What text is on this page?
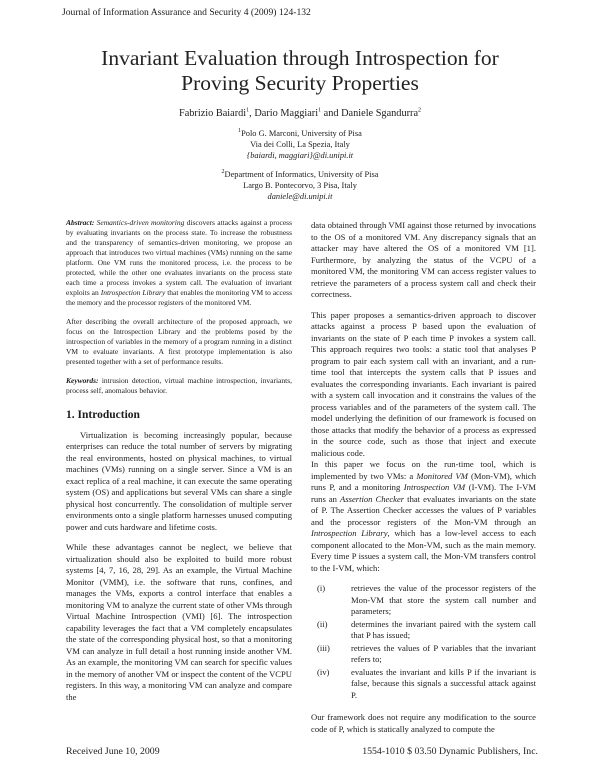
Journal of Information Assurance and Security 4 (2009) 124-132
Invariant Evaluation through Introspection for
Proving Security Properties
Fabrizio Baiardi$^1$, Dario Maggiari$^1$ and Daniele Sgandurra$^2$
$^1$Polo G. Marconi, University of Pisa
Via dei Colli, La Spezia, Italy
{baiardi, maggiari}@di.unipi.it
$^2$Department of Informatics, University of Pisa
Largo B. Pontecorvo, 3 Pisa, Italy
daniele@di.unipi.it

Abstract: Semantics-driven monitoring discovers attacks against a process by evaluating invariants on the process state. To increase the robustness and the transparency of semantics-driven monitoring, we propose an approach that introduces two virtual machines (VMs) running on the same platform. One VM runs the monitored process, i.e. the process to be protected, while the other one evaluates invariants on the process state each time a process invokes a system call. The evaluation of invariant exploits an Introspection Library that enables the monitoring VM to access the memory and the processor registers of the monitored VM.

After describing the overall architecture of the proposed approach, we focus on the Introspection Library and the problems posed by the introspection of variables in the memory of a program running in a distinct VM to evaluate invariants. A first prototype implementation is also presented together with a set of performance results.

Keywords: intrusion detection, virtual machine introspection, invariants, process self, anomalous behavior.

1. Introduction

Virtualization is becoming increasingly popular, because enterprises can reduce the total number of servers by migrating the real environments, hosted on physical machines, to virtual machines (VMs) running on a single server. Since a VM is an exact replica of a real machine, it can execute the same operating system (OS) and applications but several VMs can share a single physical host concurrently. The consolidation of multiple server environments onto a single platform harnesses unused computing power and cuts hardware and lifetime costs.

While these advantages cannot be neglect, we believe that virtualization should also be exploited to build more robust systems [4, 7, 16, 28, 29]. As an example, the Virtual Machine Monitor (VMM), i.e. the software that runs, confines, and manages the VMs, exports a control interface that enables a monitoring VM to analyze the current state of other VMs through Virtual Machine Introspection (VMI) [6]. The introspection capability leverages the fact that a VM completely encapsulates the state of the corresponding physical host, so that a monitoring VM can analyze in full detail a host running inside another VM. As an example, the monitoring VM can search for specific values in the memory of another VM or inspect the content of the VCPU registers. In this way, a monitoring VM can analyze and compare the

data obtained through VMI against those returned by invocations to the OS of a monitored VM. Any discrepancy signals that an attacker may have altered the OS of a monitored VM [1]. Furthermore, by analyzing the status of the VCPU of a monitored VM, the monitoring VM can access register values to retrieve the parameters of a process system call and check their correctness.

This paper proposes a semantics-driven approach to discover attacks against a process P based upon the evaluation of invariants on the state of P each time P invokes a system call. This approach requires two tools: a static tool that analyses P program to pair each system call with an invariant, and a run-time tool that intercepts the system calls that P issues and evaluates the corresponding invariants. Each invariant is paired with a system call invocation and it constrains the values of the process variables and of the parameters of the system call. The model underlying the definition of our framework is focused on those attacks that modify the behavior of a process as expressed in the source code, such as those that inject and execute malicious code.

In this paper we focus on the run-time tool, which is implemented by two VMs: a Monitored VM (Mon-VM), which runs P, and a monitoring Introspection VM (I-VM). The I-VM runs an Assertion Checker that evaluates invariants on the state of P. The Assertion Checker accesses the values of P variables and the processor registers of the Mon-VM through an Introspection Library, which has a low-level access to each component allocated to the Mon-VM, such as the main memory. Every time P issues a system call, the Mon-VM transfers control to the I-VM, which:

(i)	retrieves the value of the processor registers of the Mon-VM that store the system call number and parameters;
(ii)	determines the invariant paired with the system call that P has issued;
(iii)	retrieves the values of P variables that the invariant refers to;
(iv)	evaluates the invariant and kills P if the invariant is false, because this signals a successful attack against P.

Our framework does not require any modification to the source code of P, which is statically analyzed to compute the

Received June 10, 2009	1554-1010 $ 03.50 Dynamic Publishers, Inc.
